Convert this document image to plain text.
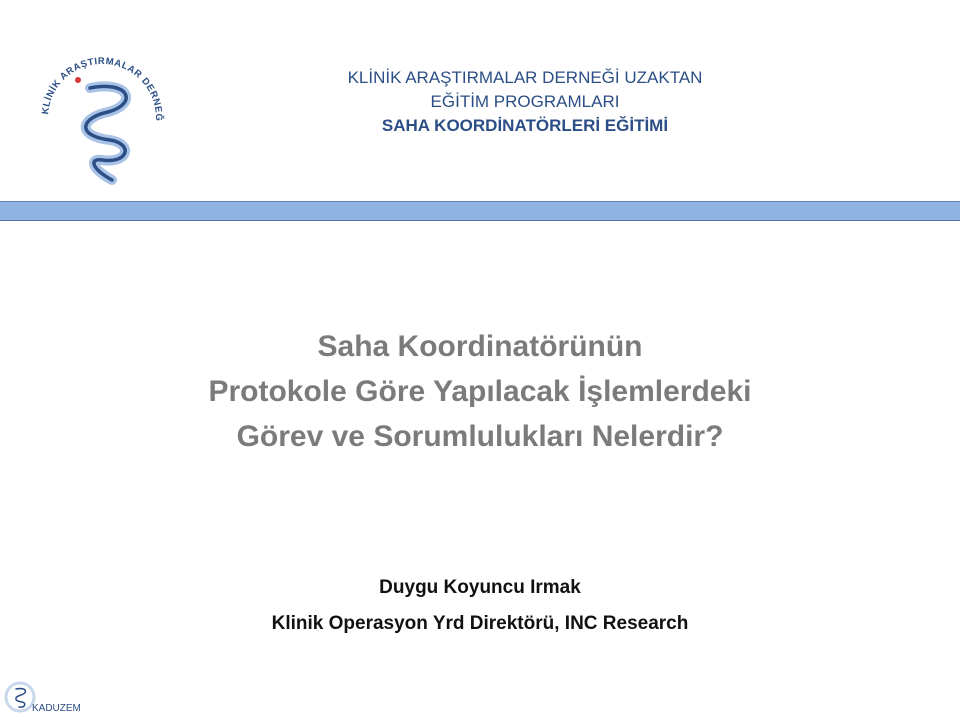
KLİNİK ARAŞTIRMALAR DERNEĞ
KLİNİK ARAŞTIRMALAR DERNEĞİ UZAKTAN
EĞİTİM PROGRAMLARI
SAHA KOORDİNATÖRLERİ EĞİTİMİ
Saha Koordinatörünün
Protokole Göre Yapılacak İşlemlerdeki
Görev ve Sorumlulukları Nelerdir?
Duygu Koyuncu Irmak
Klinik Operasyon Yrd Direktörü, INC Research
KADUZEM
